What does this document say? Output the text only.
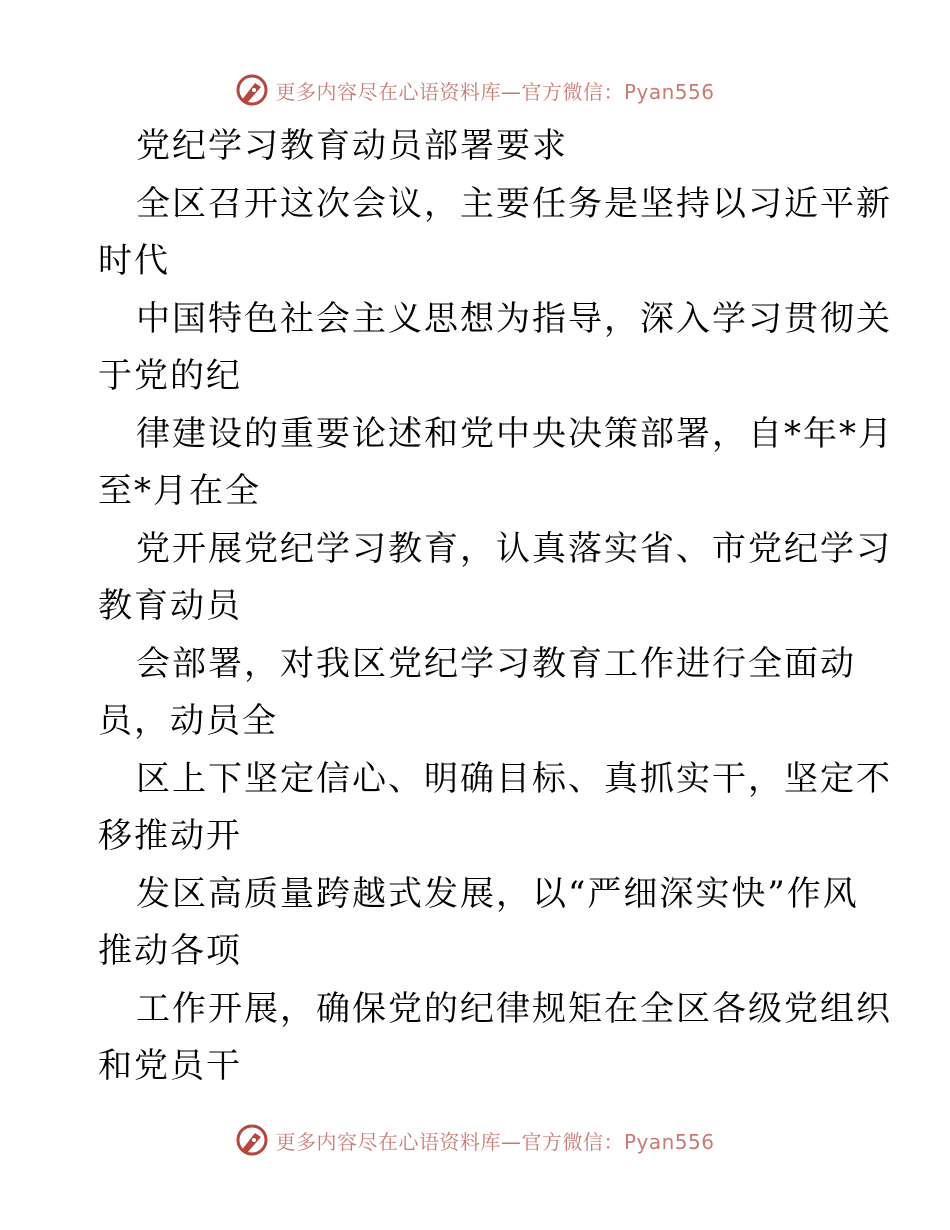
更多内容尽在心语资料库—官方微信：Pyan556
党纪学习教育动员部署要求
全区召开这次会议，主要任务是坚持以习近平新
时代
中国特色社会主义思想为指导，深入学习贯彻关
于党的纪
律建设的重要论述和党中央决策部署，自*年*月
至*月在全
党开展党纪学习教育，认真落实省、市党纪学习
教育动员
会部署，对我区党纪学习教育工作进行全面动
员，动员全
区上下坚定信心、明确目标、真抓实干，坚定不
移推动开
发区高质量跨越式发展，以“严细深实快”作风
推动各项
工作开展，确保党的纪律规矩在全区各级党组织
和党员干
更多内容尽在心语资料库—官方微信：Pyan556
